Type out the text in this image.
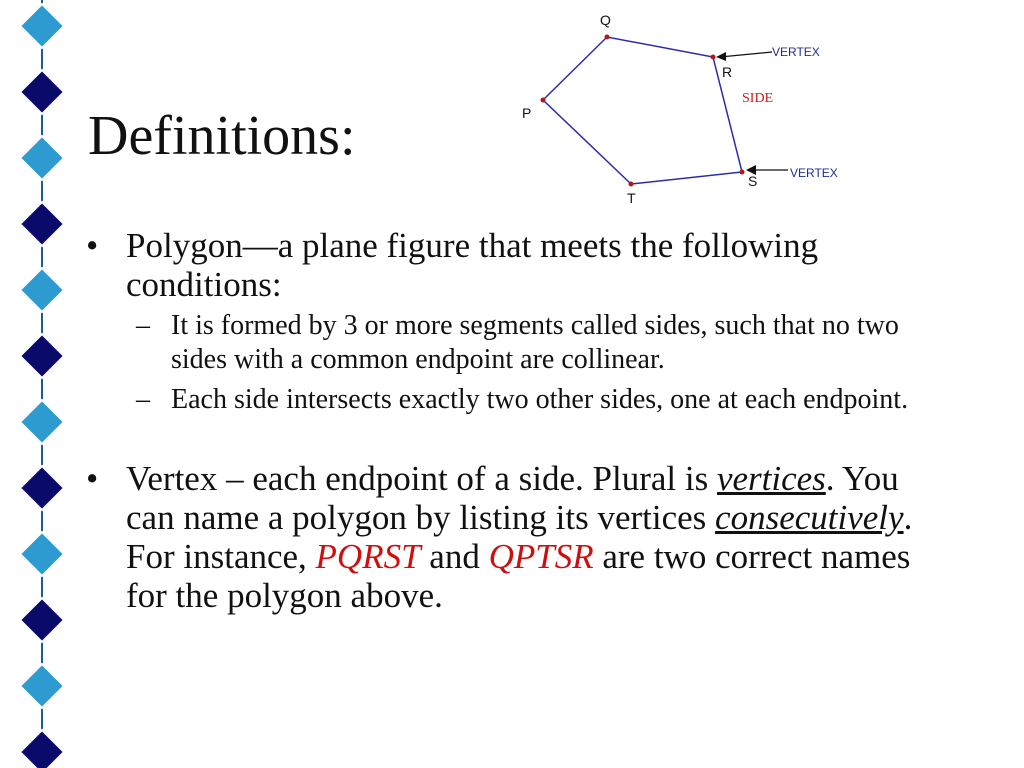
Definitions:
Q
P
R
S
T
VERTEX
VERTEX
SIDE
• Polygon—a plane figure that meets the following conditions:
– It is formed by 3 or more segments called sides, such that no two sides with a common endpoint are collinear.
– Each side intersects exactly two other sides, one at each endpoint.
• Vertex – each endpoint of a side. Plural is vertices. You can name a polygon by listing its vertices consecutively. For instance, PQRST and QPTSR are two correct names for the polygon above.
